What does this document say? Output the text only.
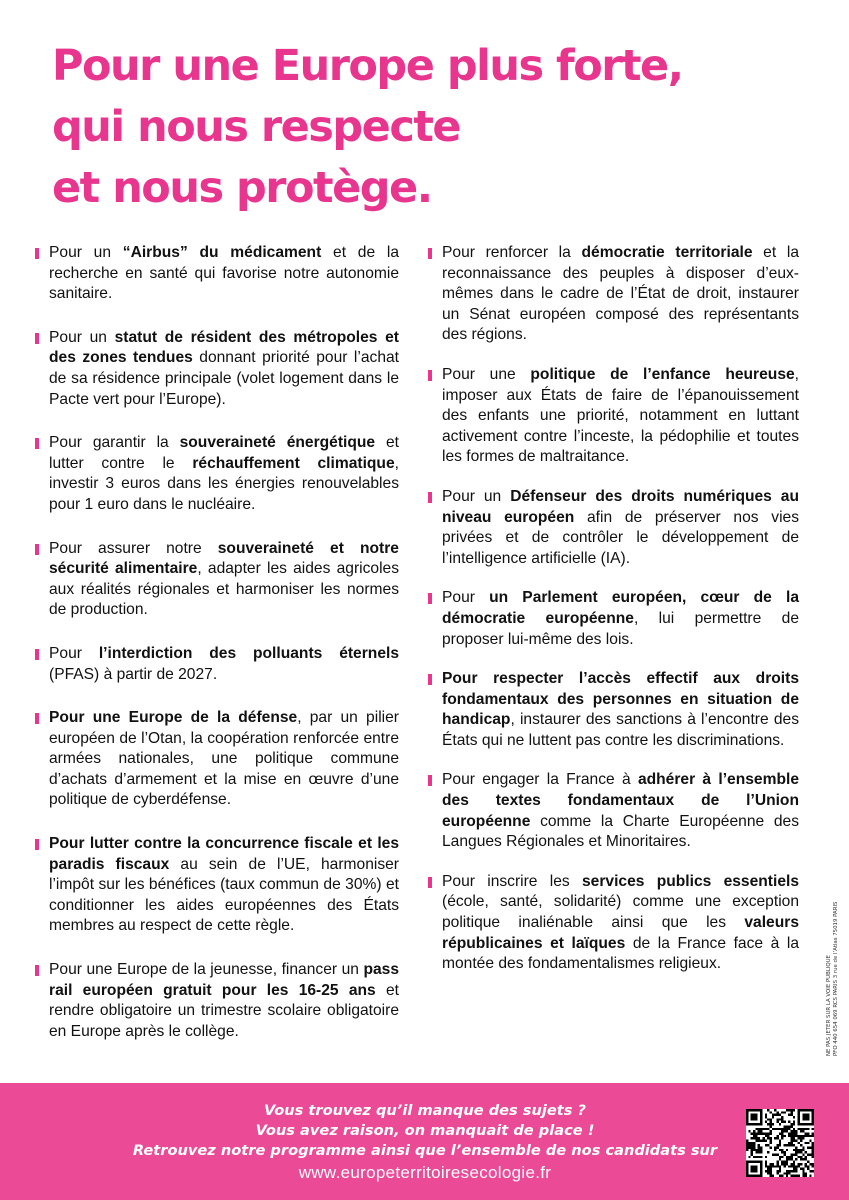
Pour une Europe plus forte,
qui nous respecte
et nous protège.

Pour un “Airbus” du médicament et de la recherche en santé qui favorise notre autonomie sanitaire.

Pour un statut de résident des métropoles et des zones tendues donnant priorité pour l’achat de sa résidence principale (volet logement dans le Pacte vert pour l’Europe).

Pour garantir la souveraineté énergétique et lutter contre le réchauffement climatique, investir 3 euros dans les énergies renouvelables pour 1 euro dans le nucléaire.

Pour assurer notre souveraineté et notre sécurité alimentaire, adapter les aides agricoles aux réalités régionales et harmoniser les normes de production.

Pour l’interdiction des polluants éternels (PFAS) à partir de 2027.

Pour une Europe de la défense, par un pilier européen de l’Otan, la coopération renforcée entre armées nationales, une politique commune d’achats d’armement et la mise en œuvre d’une politique de cyberdéfense.

Pour lutter contre la concurrence fiscale et les paradis fiscaux au sein de l’UE, harmoniser l’impôt sur les bénéfices (taux commun de 30%) et conditionner les aides européennes des États membres au respect de cette règle.

Pour une Europe de la jeunesse, financer un pass rail européen gratuit pour les 16-25 ans et rendre obligatoire un trimestre scolaire obligatoire en Europe après le collège.

Pour renforcer la démocratie territoriale et la reconnaissance des peuples à disposer d’eux-mêmes dans le cadre de l’État de droit, instaurer un Sénat européen composé des représentants des régions.

Pour une politique de l’enfance heureuse, imposer aux États de faire de l’épanouissement des enfants une priorité, notamment en luttant activement contre l’inceste, la pédophilie et toutes les formes de maltraitance.

Pour un Défenseur des droits numériques au niveau européen afin de préserver nos vies privées et de contrôler le développement de l’intelligence artificielle (IA).

Pour un Parlement européen, cœur de la démocratie européenne, lui permettre de proposer lui-même des lois.

Pour respecter l’accès effectif aux droits fondamentaux des personnes en situation de handicap, instaurer des sanctions à l’encontre des États qui ne luttent pas contre les discriminations.

Pour engager la France à adhérer à l’ensemble des textes fondamentaux de l’Union européenne comme la Charte Européenne des Langues Régionales et Minoritaires.

Pour inscrire les services publics essentiels (école, santé, solidarité) comme une exception politique inaliénable ainsi que les valeurs républicaines et laïques de la France face à la montée des fondamentalismes religieux.	NE PAS JETER SUR LA VOIE PUBLIQUE PFO 440 654 069 RCS PARIS 3 rue de l’Atlas 75019 PARIS
Vous trouvez qu’il manque des sujets ?
Vous avez raison, on manquait de place !
Retrouvez notre programme ainsi que l’ensemble de nos candidats sur
www.europeterritoiresecologie.fr
